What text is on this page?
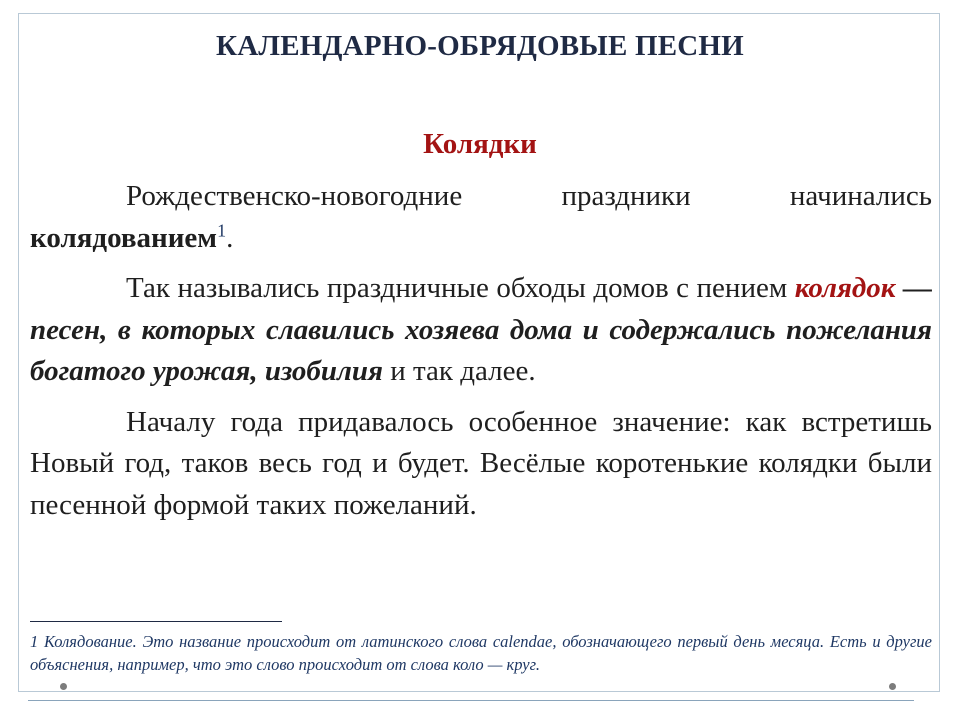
КАЛЕНДАРНО-ОБРЯДОВЫЕ ПЕСНИ
Колядки

Рождественско-новогодние праздники начинались колядованием$^1$.

Так назывались праздничные обходы домов с пением колядок — песен, в которых славились хозяева дома и содержались пожелания богатого урожая, изобилия и так далее.

Началу года придавалось особенное значение: как встретишь Новый год, таков весь год и будет. Весёлые коротенькие колядки были песенной формой таких пожеланий.

1 Колядование. Это название происходит от латинского слова calendae, обозначающего первый день месяца. Есть и другие объяснения, например, что это слово происходит от слова коло — круг.
